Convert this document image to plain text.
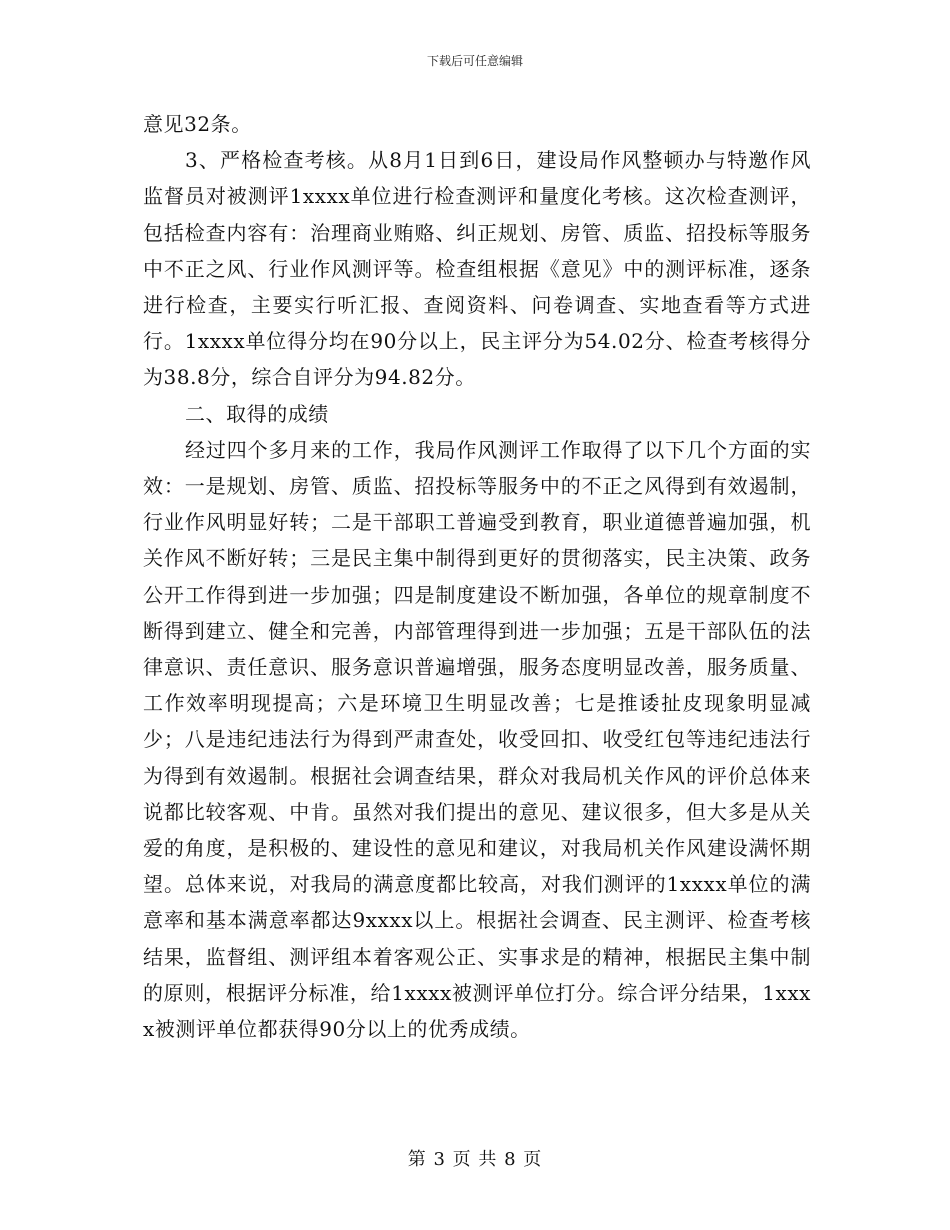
下载后可任意编辑

意见32条。

3、严格检查考核。从8月1日到6日，建设局作风整顿办与特邀作风监督员对被测评1xxxx单位进行检查测评和量度化考核。这次检查测评，包括检查内容有：治理商业贿赂、纠正规划、房管、质监、招投标等服务中不正之风、行业作风测评等。检查组根据《意见》中的测评标准，逐条进行检查，主要实行听汇报、查阅资料、问卷调查、实地查看等方式进行。1xxxx单位得分均在90分以上，民主评分为54.02分、检查考核得分为38.8分，综合自评分为94.82分。

二、取得的成绩

经过四个多月来的工作，我局作风测评工作取得了以下几个方面的实效：一是规划、房管、质监、招投标等服务中的不正之风得到有效遏制，行业作风明显好转；二是干部职工普遍受到教育，职业道德普遍加强，机关作风不断好转；三是民主集中制得到更好的贯彻落实，民主决策、政务公开工作得到进一步加强；四是制度建设不断加强，各单位的规章制度不断得到建立、健全和完善，内部管理得到进一步加强；五是干部队伍的法律意识、责任意识、服务意识普遍增强，服务态度明显改善，服务质量、工作效率明现提高；六是环境卫生明显改善；七是推诿扯皮现象明显减少；八是违纪违法行为得到严肃查处，收受回扣、收受红包等违纪违法行为得到有效遏制。根据社会调查结果，群众对我局机关作风的评价总体来说都比较客观、中肯。虽然对我们提出的意见、建议很多，但大多是从关爱的角度，是积极的、建设性的意见和建议，对我局机关作风建设满怀期望。总体来说，对我局的满意度都比较高，对我们测评的1xxxx单位的满意率和基本满意率都达9xxxx以上。根据社会调查、民主测评、检查考核结果，监督组、测评组本着客观公正、实事求是的精神，根据民主集中制的原则，根据评分标准，给1xxxx被测评单位打分。综合评分结果，1xxxx被测评单位都获得90分以上的优秀成绩。

第 3 页 共 8 页
